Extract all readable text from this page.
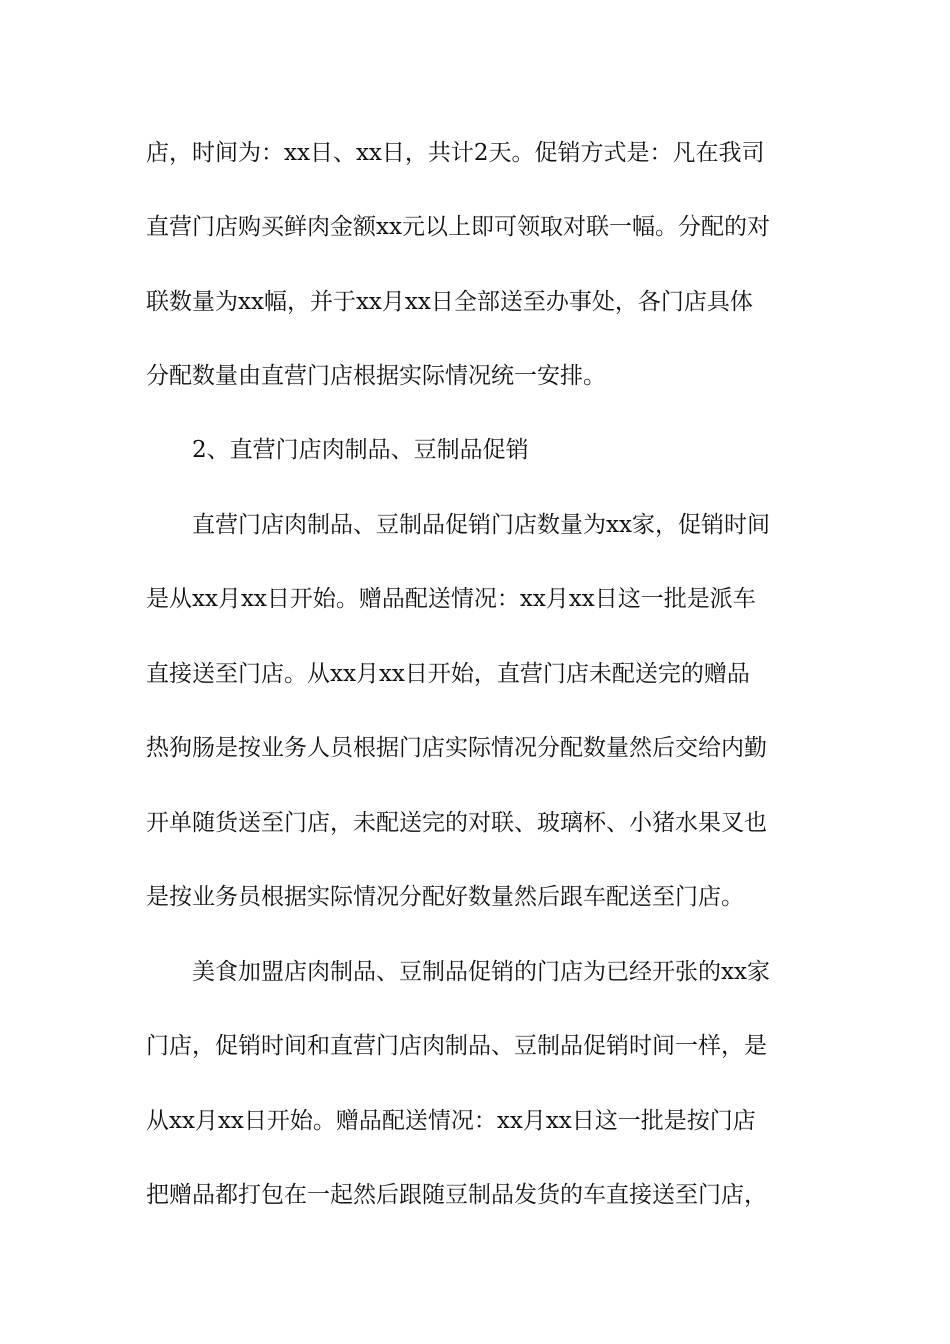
店，时间为：xx日、xx日，共计2天。促销方式是：凡在我司
直营门店购买鲜肉金额xx元以上即可领取对联一幅。分配的对
联数量为xx幅，并于xx月xx日全部送至办事处，各门店具体
分配数量由直营门店根据实际情况统一安排。
2、直营门店肉制品、豆制品促销
直营门店肉制品、豆制品促销门店数量为xx家，促销时间
是从xx月xx日开始。赠品配送情况：xx月xx日这一批是派车
直接送至门店。从xx月xx日开始，直营门店未配送完的赠品
热狗肠是按业务人员根据门店实际情况分配数量然后交给内勤
开单随货送至门店，未配送完的对联、玻璃杯、小猪水果叉也
是按业务员根据实际情况分配好数量然后跟车配送至门店。
美食加盟店肉制品、豆制品促销的门店为已经开张的xx家
门店，促销时间和直营门店肉制品、豆制品促销时间一样，是
从xx月xx日开始。赠品配送情况：xx月xx日这一批是按门店
把赠品都打包在一起然后跟随豆制品发货的车直接送至门店，
